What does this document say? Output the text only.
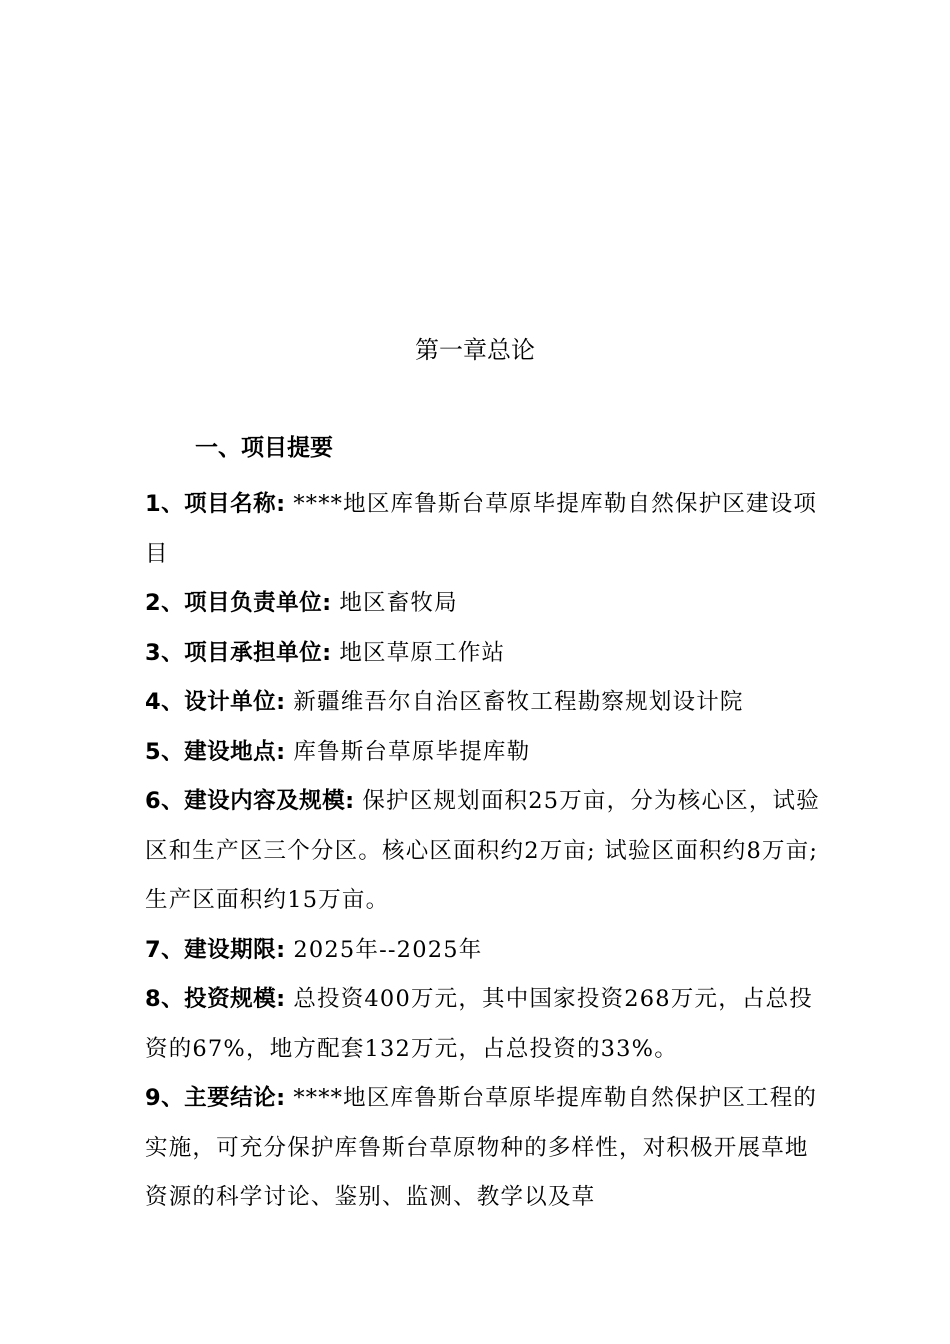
第一章总论
一、项目提要

1、项目名称: ****地区库鲁斯台草原毕提库勒自然保护区建设项目

2、项目负责单位: 地区畜牧局

3、项目承担单位: 地区草原工作站

4、设计单位: 新疆维吾尔自治区畜牧工程勘察规划设计院

5、建设地点: 库鲁斯台草原毕提库勒

6、建设内容及规模: 保护区规划面积25万亩，分为核心区，试验区和生产区三个分区。核心区面积约2万亩; 试验区面积约8万亩; 生产区面积约15万亩。

7、建设期限: 2025年--2025年

8、投资规模: 总投资400万元，其中国家投资268万元，占总投资的67%，地方配套132万元，占总投资的33%。

9、主要结论: ****地区库鲁斯台草原毕提库勒自然保护区工程的实施，可充分保护库鲁斯台草原物种的多样性，对积极开展草地资源的科学讨论、鉴别、监测、教学以及草
